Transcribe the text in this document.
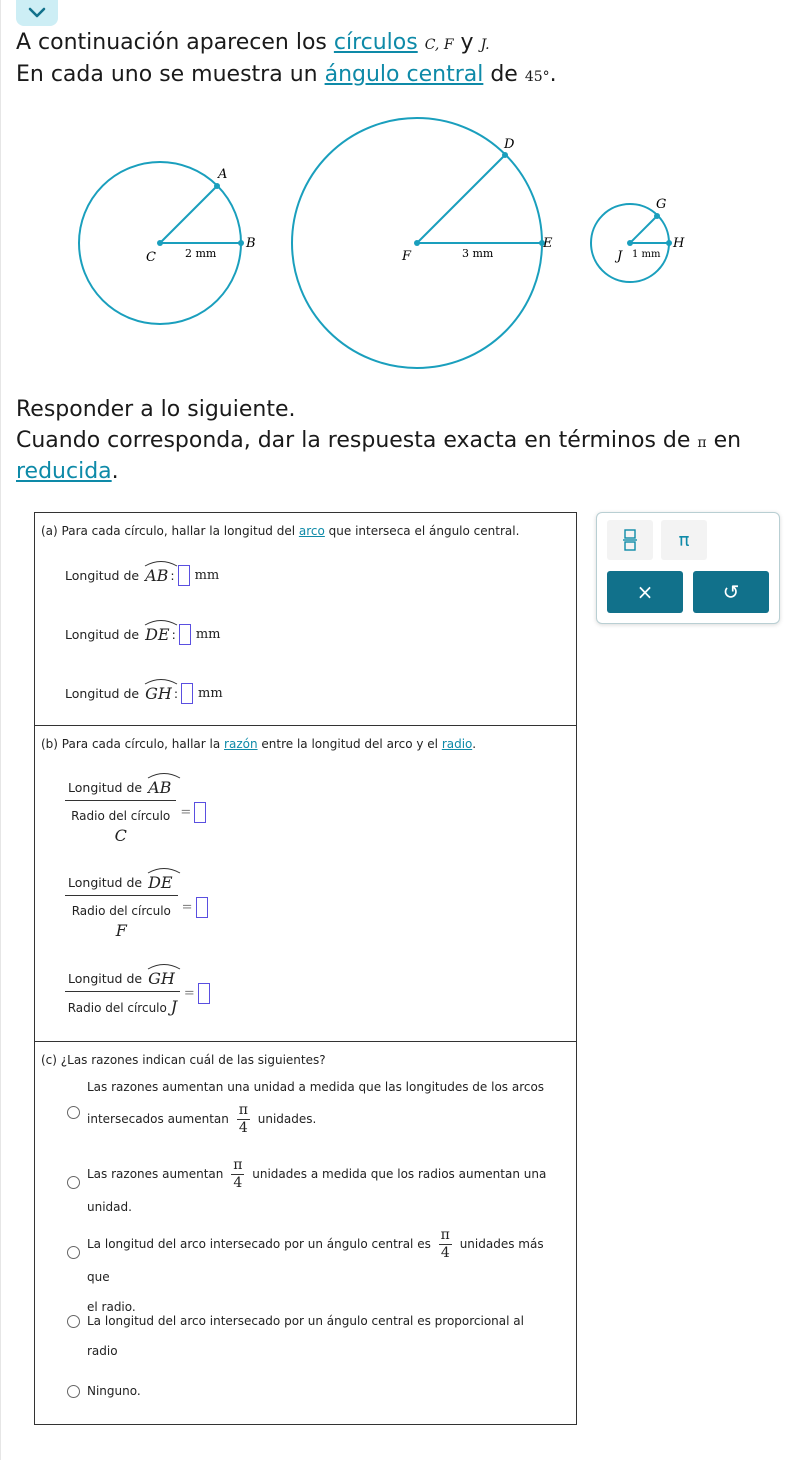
A continuación aparecen los círculos C, F y J.
En cada uno se muestra un ángulo central de 45°.
C
A
B
2 mm	F
D
E
3 mm	J
G
H
1 mm
Responder a lo siguiente.
Cuando corresponda, dar la respuesta exacta en términos de π en
reducida.
(a) Para cada círculo, hallar la longitud del arco que interseca el ángulo central.
Longitud de
AB : mm
Longitud de
DE : mm
Longitud de
GH : mm
(b) Para cada círculo, hallar la razón entre la longitud del arco y el radio.
Longitud de
AB
Radio del círculo
C
=
Longitud de
DE
Radio del círculo
F
=
Longitud de
GH
Radio del círculo J =
(c) ¿Las razones indican cuál de las siguientes?
Las razones aumentan una unidad a medida que las longitudes de los arcos
intersecados aumentan $\frac{\pi}{4}$ unidades.
Las razones aumentan $\frac{\pi}{4}$ unidades a medida que los radios aumentan una
unidad.
La longitud del arco intersecado por un ángulo central es $\frac{\pi}{4}$ unidades más que
el radio.
La longitud del arco intersecado por un ángulo central es proporcional al radio
Ninguno.
π
×	↺
